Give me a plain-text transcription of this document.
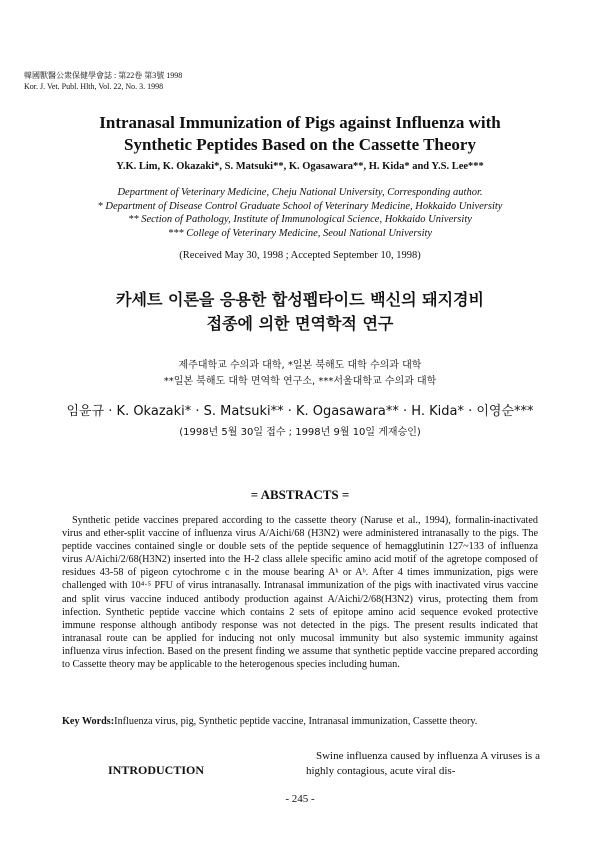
韓國獸醫公衆保健學會誌 : 第22卷 第3號 1998
Kor. J. Vet. Publ. Hlth, Vol. 22, No. 3. 1998
Intranasal Immunization of Pigs against Influenza with
Synthetic Peptides Based on the Cassette Theory
Y.K. Lim, K. Okazaki*, S. Matsuki**, K. Ogasawara**, H. Kida* and Y.S. Lee***
Department of Veterinary Medicine, Cheju National University, Corresponding author.
* Department of Disease Control Graduate School of Veterinary Medicine, Hokkaido University
** Section of Pathology, Institute of Immunological Science, Hokkaido University
*** College of Veterinary Medicine, Seoul National University
(Received May 30, 1998 ; Accepted September 10, 1998)
카세트 이론을 응용한 합성펩타이드 백신의 돼지경비
접종에 의한 면역학적 연구
제주대학교 수의과 대학, *일본 북해도 대학 수의과 대학
**일본 북해도 대학 면역학 연구소, ***서울대학교 수의과 대학
임윤규 · K. Okazaki* · S. Matsuki** · K. Ogasawara** · H. Kida* · 이영순***
(1998년 5월 30일 접수 ; 1998년 9월 10일 게재승인)
= ABSTRACTS =
Synthetic petide vaccines prepared according to the cassette theory (Naruse et al., 1994), formalin-inactivated virus and ether-split vaccine of influenza virus A/Aichi/68 (H3N2) were administered intranasally to the pigs. The peptide vaccines contained single or double sets of the peptide sequence of hemagglutinin 127~133 of influenza virus A/Aichi/2/68(H3N2) inserted into the H-2 class allele specific amino acid motif of the agretope composed of residues 43-58 of pigeon cytochrome c in the mouse bearing Aᵏ or Aᵇ. After 4 times immunization, pigs were challenged with 10⁴·⁵ PFU of virus intranasally. Intranasal immunization of the pigs with inactivated virus vaccine and split virus vaccine induced antibody production against A/Aichi/2/68(H3N2) virus, protecting them from infection. Synthetic peptide vaccine which contains 2 sets of epitope amino acid sequence evoked protective immune response although antibody response was not detected in the pigs. The present results indicated that intranasal route can be applied for inducing not only mucosal immunity but also systemic immunity against influenza virus infection. Based on the present finding we assume that synthetic peptide vaccine prepared according to Cassette theory may be applicable to the heterogenous species including human.
Key Words:Influenza virus, pig, Synthetic peptide vaccine, Intranasal immunization, Cassette theory.
INTRODUCTION
Swine influenza caused by influenza A viruses is a highly contagious, acute viral dis-
- 245 -
